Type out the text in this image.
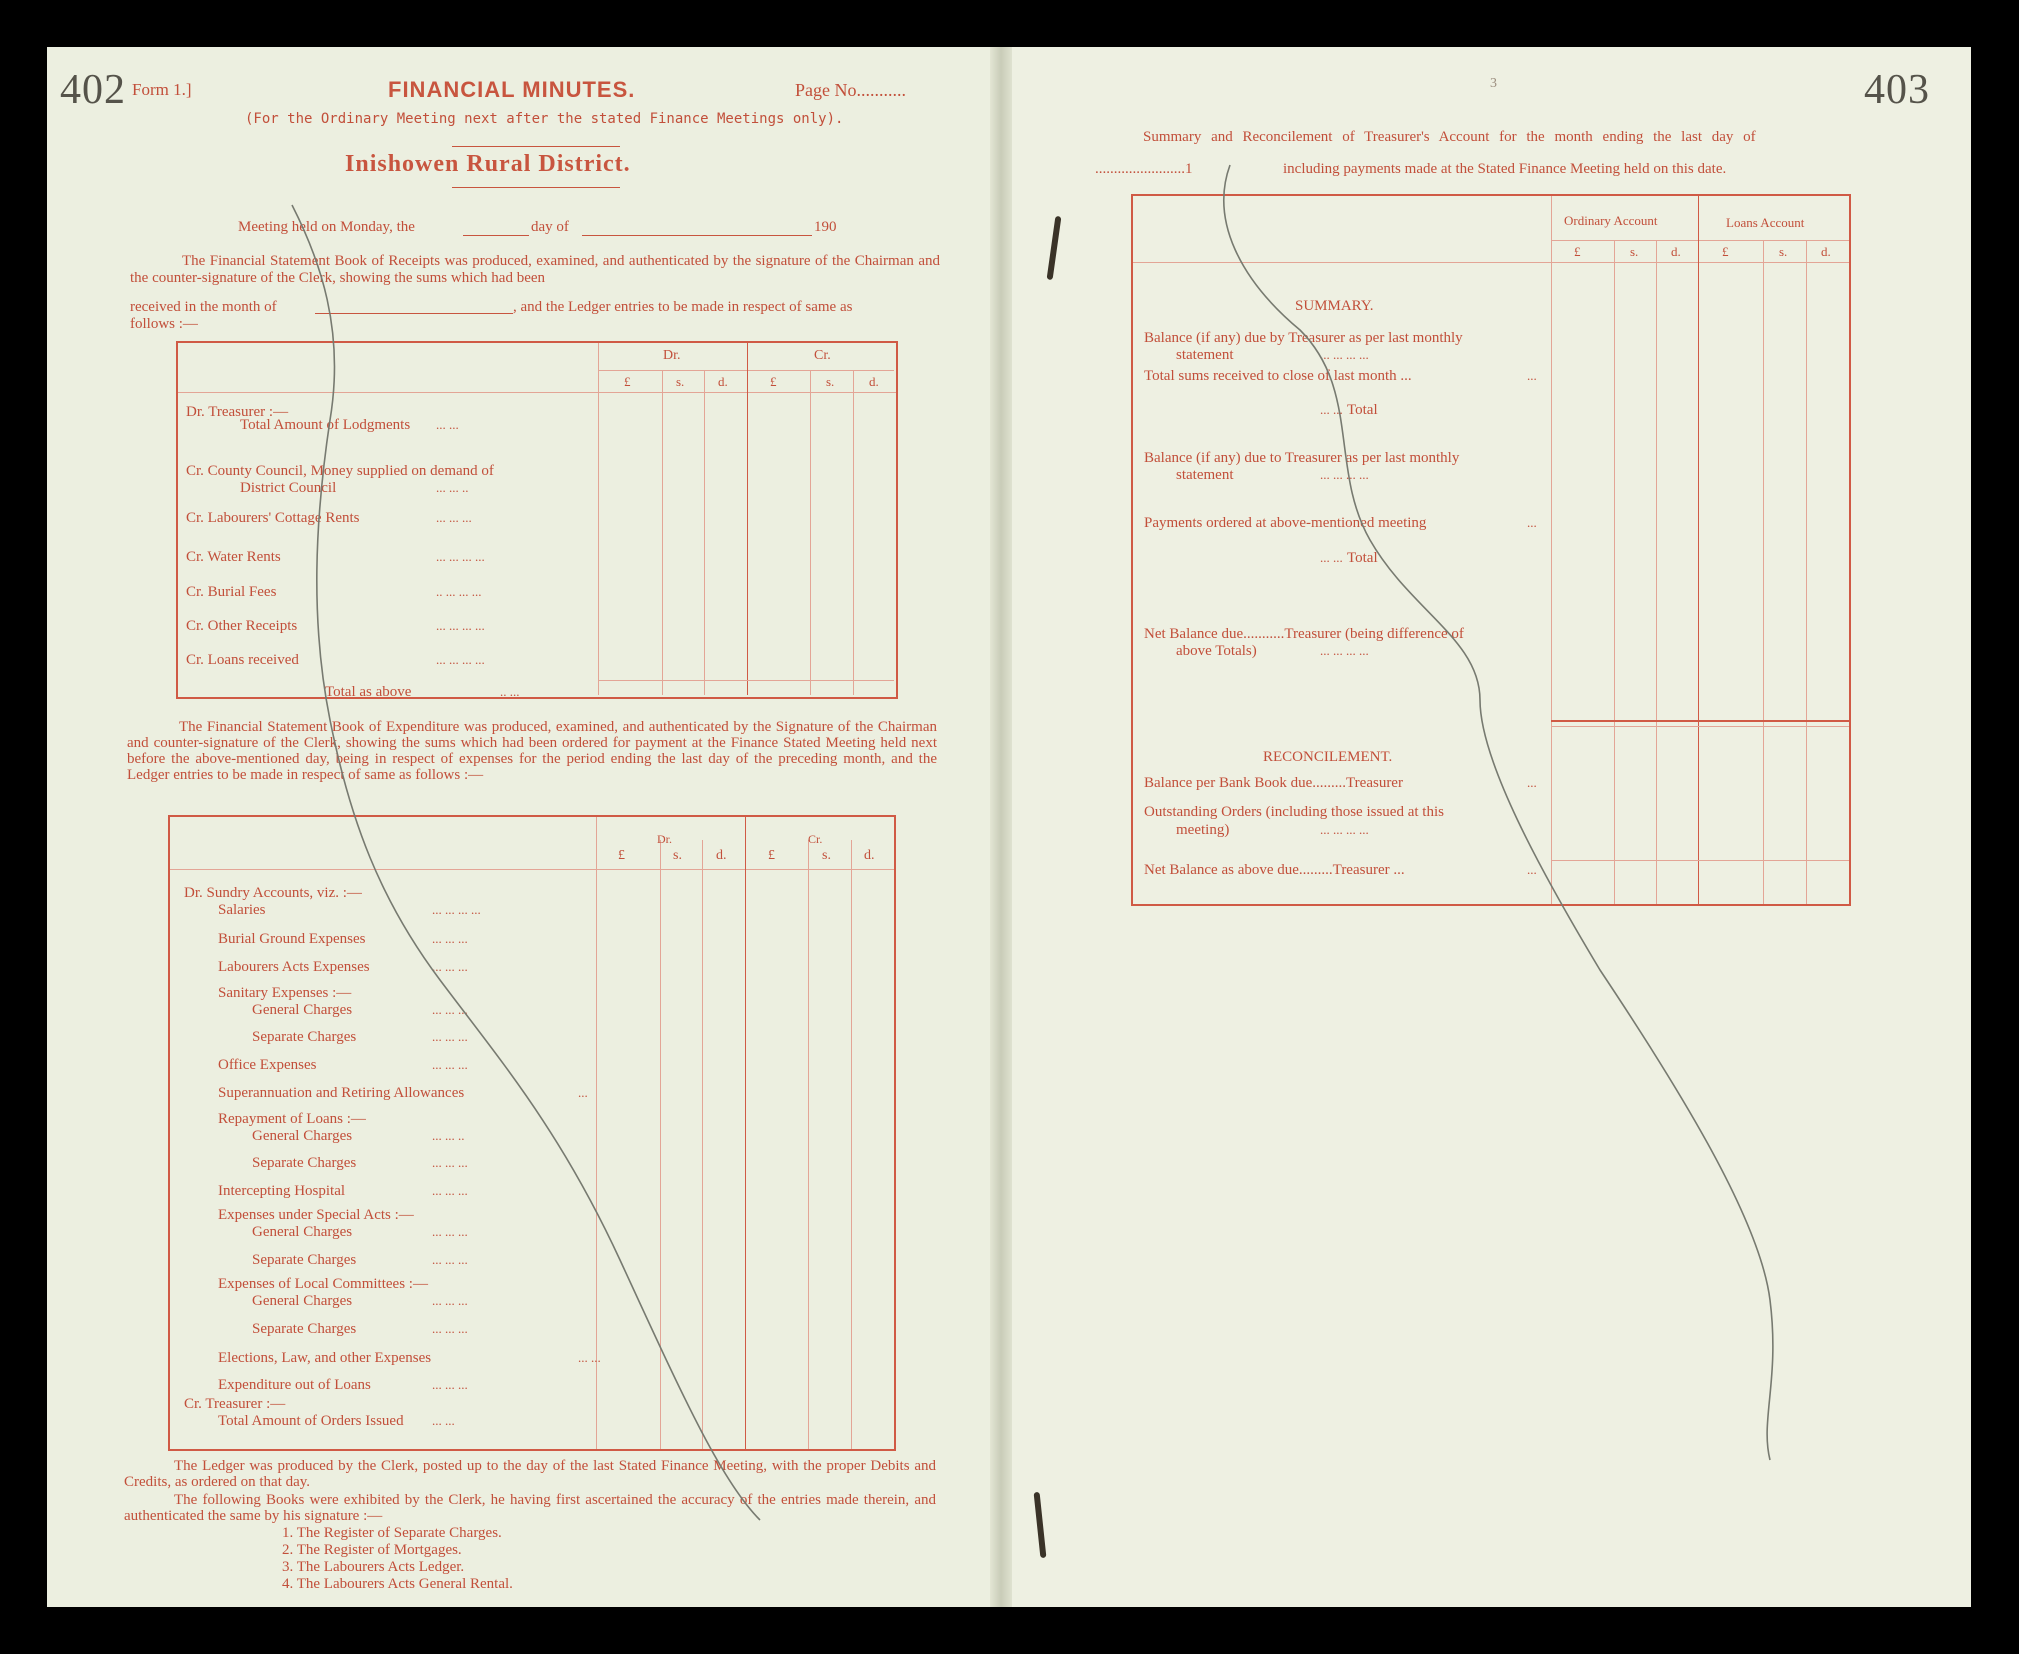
402 Form 1.]	FINANCIAL MINUTES.	Page No...........
(For the Ordinary Meeting next after the stated Finance Meetings only).
Inishowen Rural District.
Meeting held on Monday, the	day of	190
The Financial Statement Book of Receipts was produced, examined, and authenticated by the signature of the Chairman and the counter-signature of the Clerk, showing the sums which had been
received in the month of	, and the Ledger entries to be made in respect of same as
follows :—
Dr.	Cr.
£	s.	d.	£	s.	d.
Dr. Treasurer :—
Total Amount of Lodgments ... ...
Cr. County Council, Money supplied on demand of
District Council	... ... ..
Cr. Labourers' Cottage Rents	... ... ...
Cr. Water Rents	... ... ... ...
Cr. Burial Fees	.. ... ... ...
Cr. Other Receipts	... ... ... ...
Cr. Loans received	... ... ... ...
Total as above	.. ...
The Financial Statement Book of Expenditure was produced, examined, and authenticated by the Signature of the Chairman and counter-signature of the Clerk, showing the sums which had been ordered for payment at the Finance Stated Meeting held next before the above-mentioned day, being in respect of expenses for the period ending the last day of the preceding month, and the Ledger entries to be made in respect of same as follows :—
Dr.	Cr.
£	s. d.	£	s. d.
Dr. Sundry Accounts, viz. :—
Salaries	... ... ... ...
Burial Ground Expenses	... ... ...
Labourers Acts Expenses	... ... ...
Sanitary Expenses :—
General Charges	... ... ...
Separate Charges	... ... ...
Office Expenses	... ... ...
Superannuation and Retiring Allowances	...
Repayment of Loans :—
General Charges	... ... ..
Separate Charges	... ... ...
Intercepting Hospital	... ... ...
Expenses under Special Acts :—
General Charges	... ... ...
Separate Charges	... ... ...
Expenses of Local Committees :—
General Charges	... ... ...
Separate Charges	... ... ...
Elections, Law, and other Expenses	... ...
Expenditure out of Loans	... ... ...
Cr. Treasurer :—
Total Amount of Orders Issued ... ...
The Ledger was produced by the Clerk, posted up to the day of the last Stated Finance Meeting, with the proper Debits and Credits, as ordered on that day.
The following Books were exhibited by the Clerk, he having first ascertained the accuracy of the entries made therein, and authenticated the same by his signature :—
1. The Register of Separate Charges.
2. The Register of Mortgages.
3. The Labourers Acts Ledger.
4. The Labourers Acts General Rental.
403
3
Summary and Reconcilement of Treasurer's Account for the month ending the last day of
........................1	including payments made at the Stated Finance Meeting held on this date.
Ordinary Account	Loans Account
£	s.	d.	£	s.	d.
SUMMARY.
Balance (if any) due by Treasurer as per last monthly
statement	... ... ... ...
Total sums received to close of last month ...	...
Total
... ...
Balance (if any) due to Treasurer as per last monthly
statement	... ... ... ...
Payments ordered at above-mentioned meeting	...
Total
... ...
Net Balance due...........Treasurer (being difference of
above Totals)	... ... ... ...
RECONCILEMENT.
Balance per Bank Book due.........Treasurer	...
Outstanding Orders (including those issued at this
meeting)	... ... ... ...
Net Balance as above due.........Treasurer ...	...
